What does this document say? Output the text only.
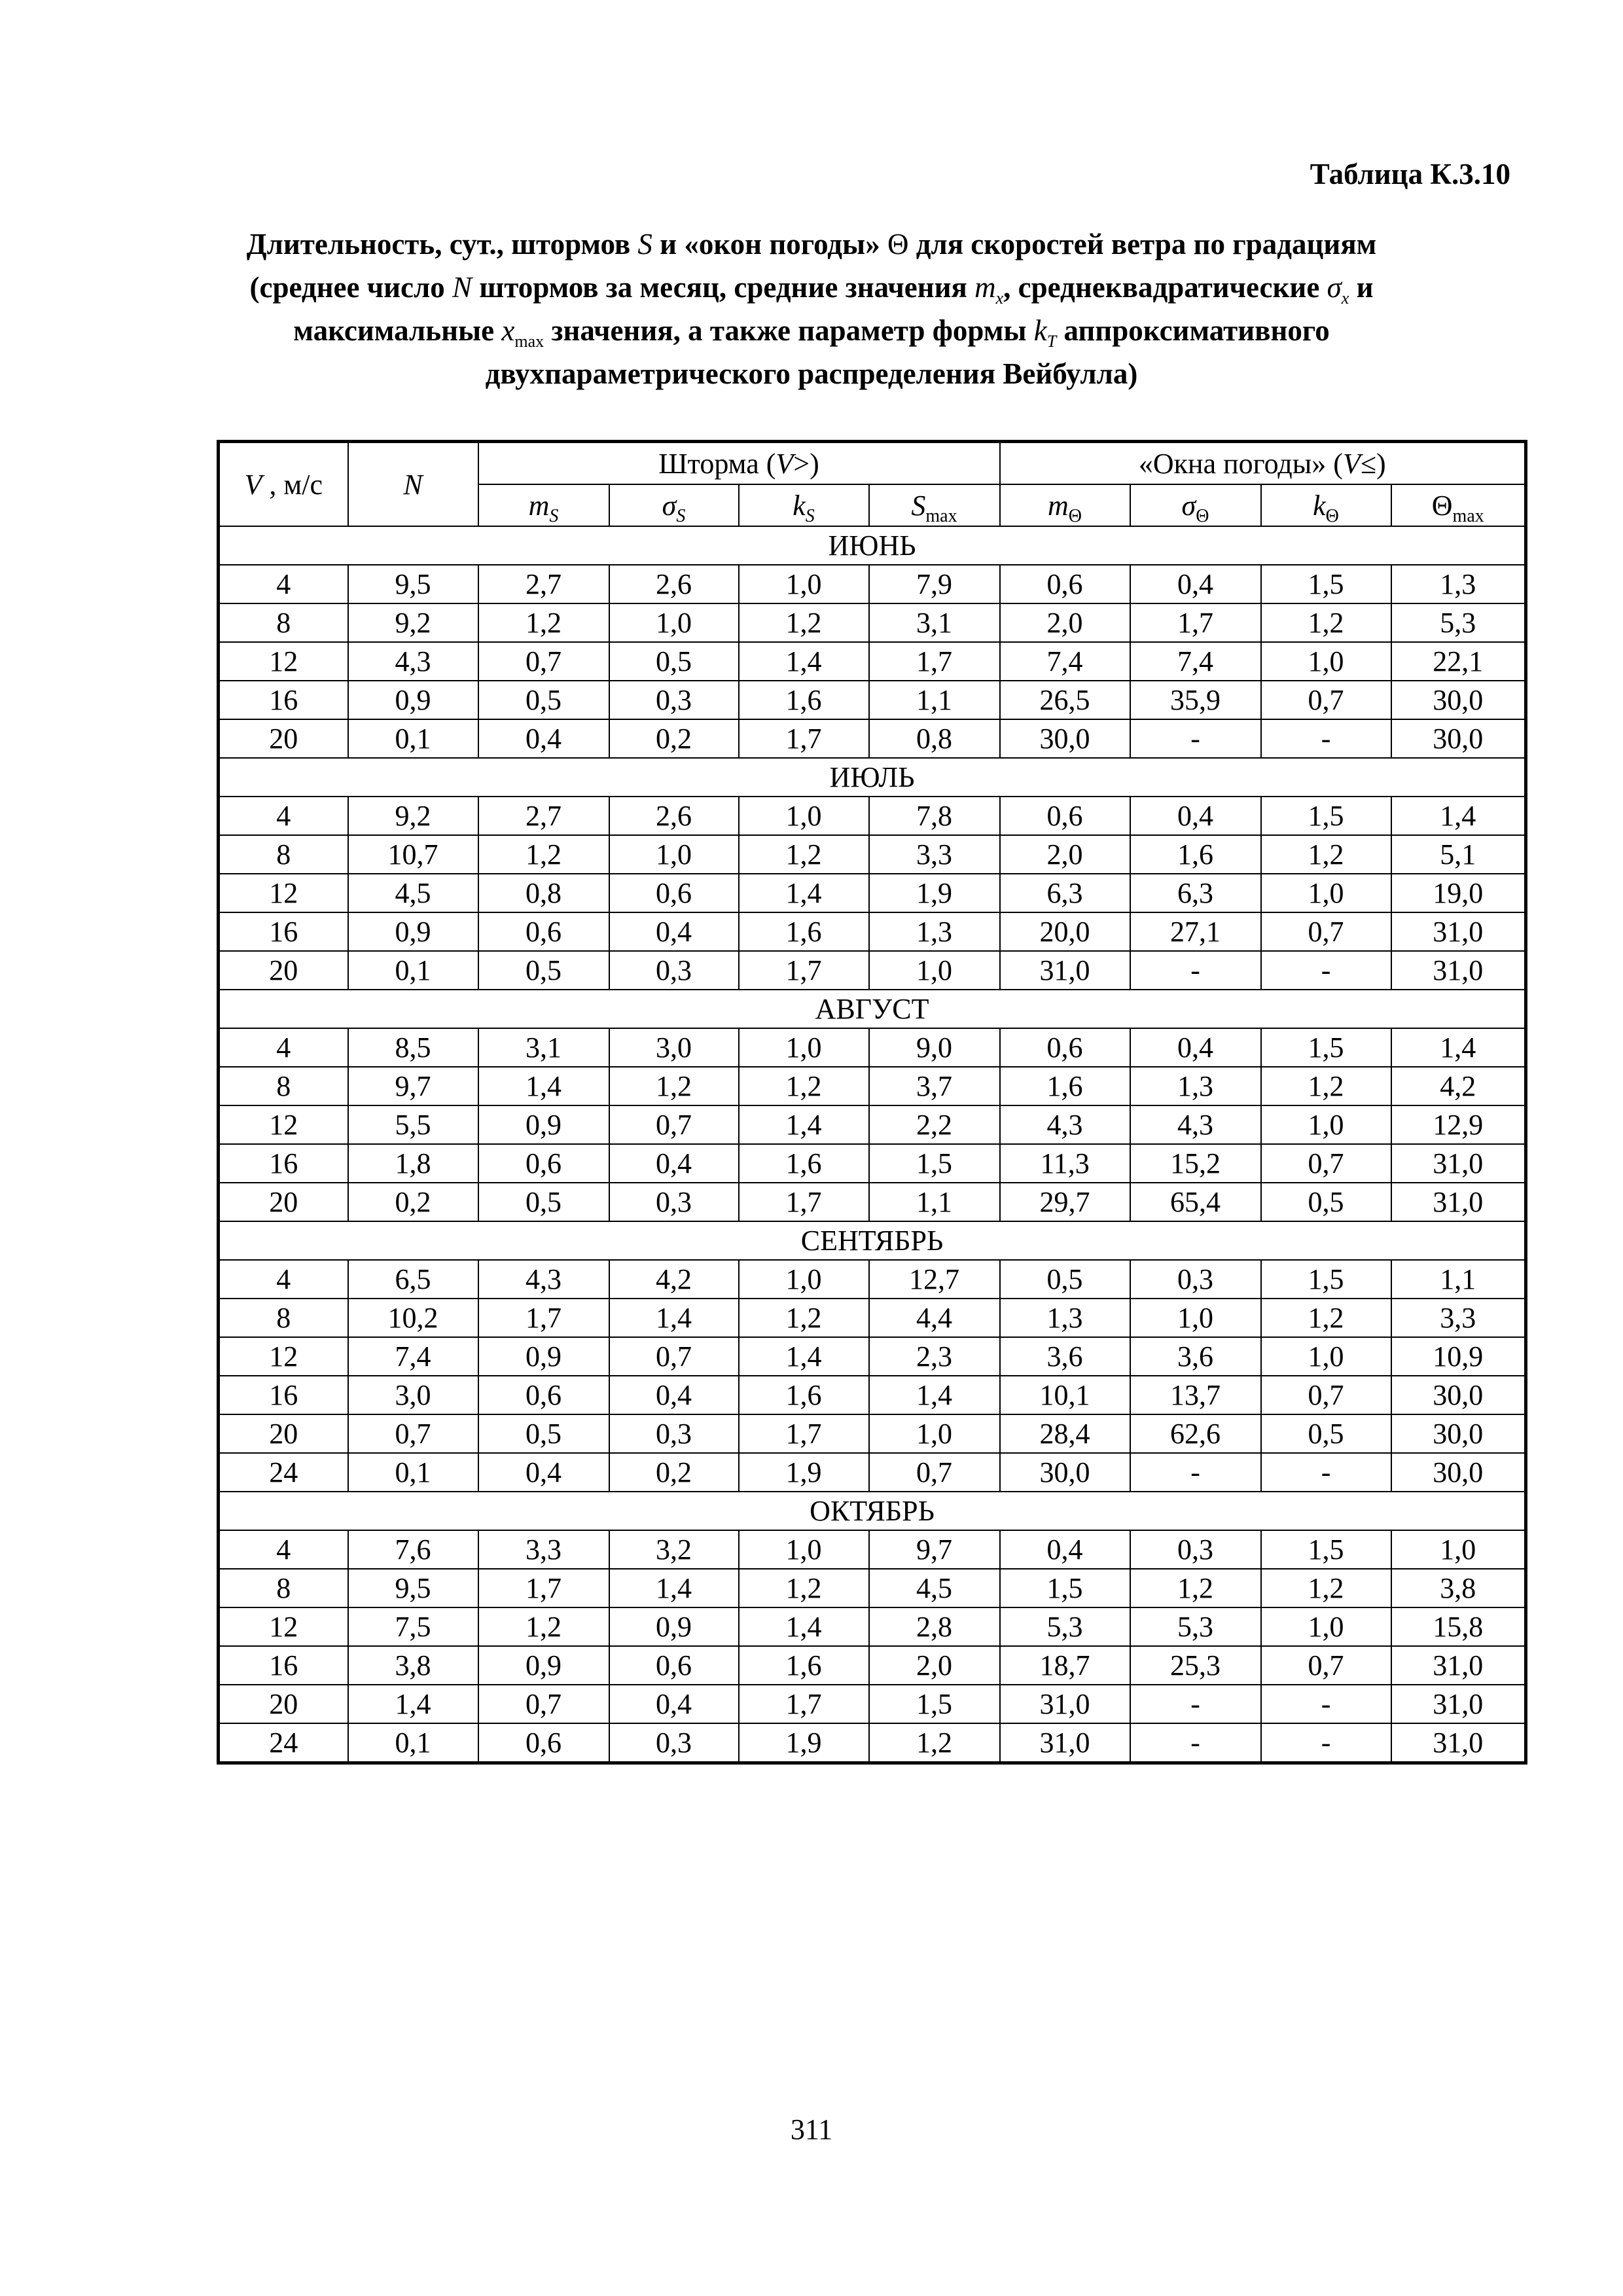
Таблица К.3.10
Длительность, сут., штормов S и «окон погоды» Θ для скоростей ветра по градациям (среднее число N штормов за месяц, средние значения $m_x$, среднеквадратические $\sigma_x$ и максимальные $x_{max}$ значения, а также параметр формы $k_T$ аппроксимативного двухпараметрического распределения Вейбулла)
V , м/с	N	Шторма (V>)				«Окна погоды» (V≤)			
		$m_S$	$\sigma_S$	$k_S$	$S_{max}$	$m_\Theta$	$\sigma_\Theta$	$k_\Theta$	$\Theta_{max}$
ИЮНЬ									
4	9,5	2,7	2,6	1,0	7,9	0,6	0,4	1,5	1,3
8	9,2	1,2	1,0	1,2	3,1	2,0	1,7	1,2	5,3
12	4,3	0,7	0,5	1,4	1,7	7,4	7,4	1,0	22,1
16	0,9	0,5	0,3	1,6	1,1	26,5	35,9	0,7	30,0
20	0,1	0,4	0,2	1,7	0,8	30,0	-	-	30,0
ИЮЛЬ									
4	9,2	2,7	2,6	1,0	7,8	0,6	0,4	1,5	1,4
8	10,7	1,2	1,0	1,2	3,3	2,0	1,6	1,2	5,1
12	4,5	0,8	0,6	1,4	1,9	6,3	6,3	1,0	19,0
16	0,9	0,6	0,4	1,6	1,3	20,0	27,1	0,7	31,0
20	0,1	0,5	0,3	1,7	1,0	31,0	-	-	31,0
АВГУСТ									
4	8,5	3,1	3,0	1,0	9,0	0,6	0,4	1,5	1,4
8	9,7	1,4	1,2	1,2	3,7	1,6	1,3	1,2	4,2
12	5,5	0,9	0,7	1,4	2,2	4,3	4,3	1,0	12,9
16	1,8	0,6	0,4	1,6	1,5	11,3	15,2	0,7	31,0
20	0,2	0,5	0,3	1,7	1,1	29,7	65,4	0,5	31,0
СЕНТЯБРЬ									
4	6,5	4,3	4,2	1,0	12,7	0,5	0,3	1,5	1,1
8	10,2	1,7	1,4	1,2	4,4	1,3	1,0	1,2	3,3
12	7,4	0,9	0,7	1,4	2,3	3,6	3,6	1,0	10,9
16	3,0	0,6	0,4	1,6	1,4	10,1	13,7	0,7	30,0
20	0,7	0,5	0,3	1,7	1,0	28,4	62,6	0,5	30,0
24	0,1	0,4	0,2	1,9	0,7	30,0	-	-	30,0
ОКТЯБРЬ									
4	7,6	3,3	3,2	1,0	9,7	0,4	0,3	1,5	1,0
8	9,5	1,7	1,4	1,2	4,5	1,5	1,2	1,2	3,8
12	7,5	1,2	0,9	1,4	2,8	5,3	5,3	1,0	15,8
16	3,8	0,9	0,6	1,6	2,0	18,7	25,3	0,7	31,0
20	1,4	0,7	0,4	1,7	1,5	31,0	-	-	31,0
24	0,1	0,6	0,3	1,9	1,2	31,0	-	-	31,0
311
